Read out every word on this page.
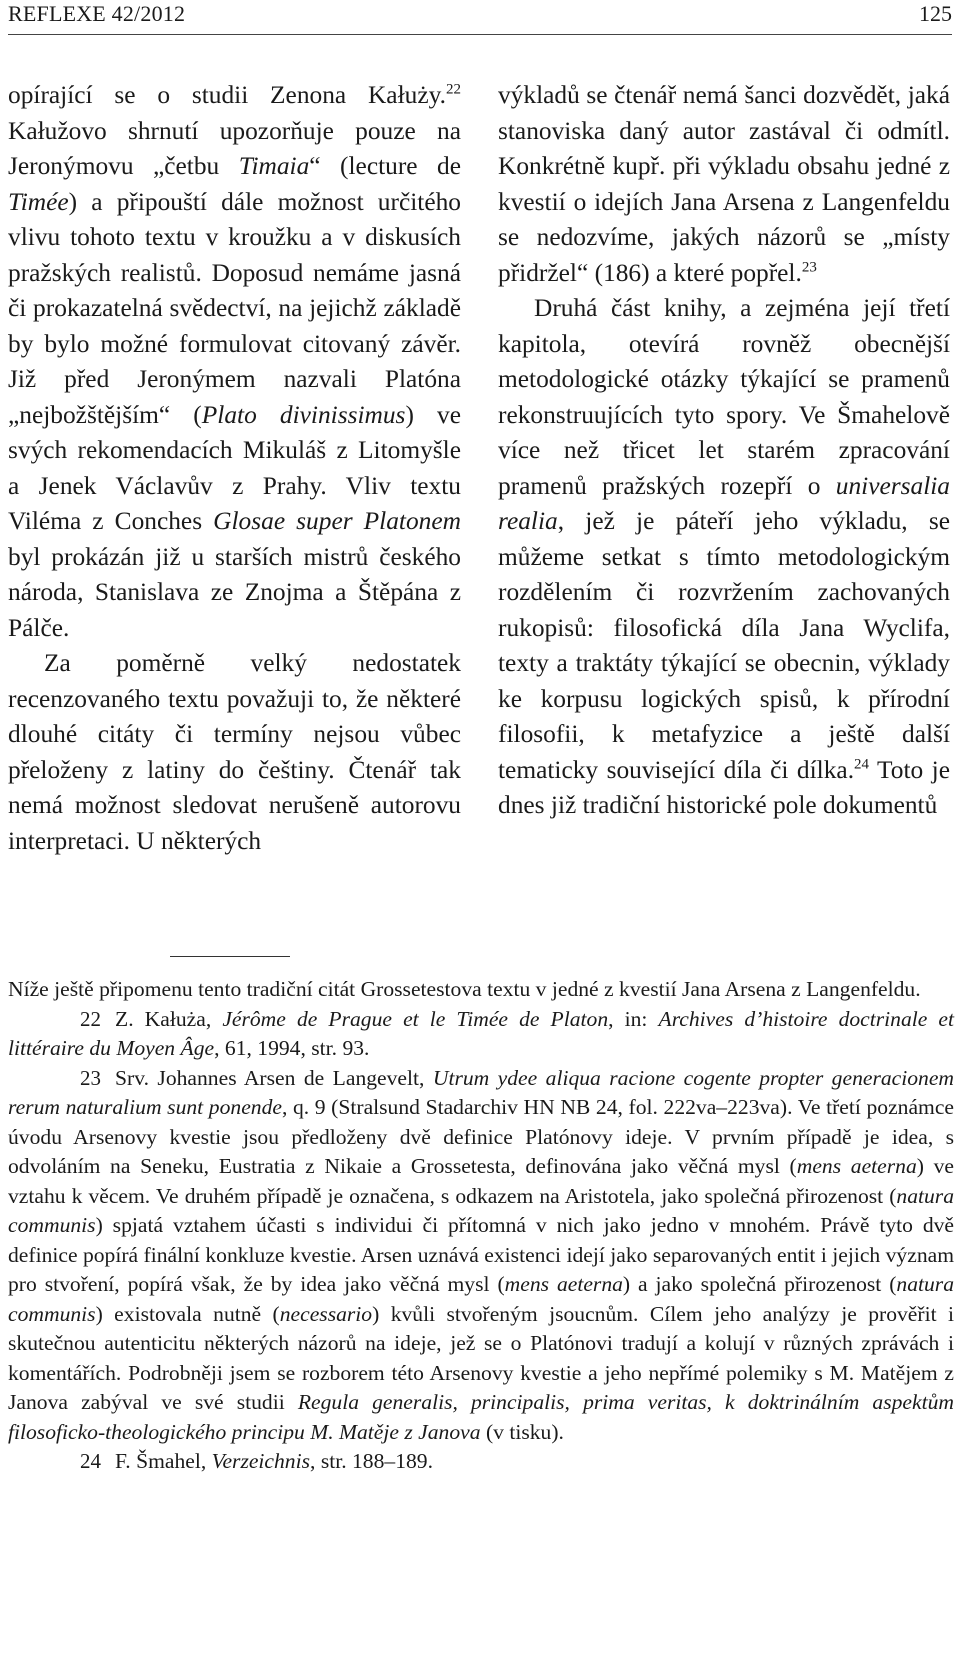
REFLEXE 42/2012	125

opírající se o studii Zenona Kałuży.$^{22}$ Kałužovo shrnutí upozorňuje pouze na Jeronýmovu „četbu Timaia“ (lecture de Timée) a připouští dále možnost určitého vlivu tohoto textu v kroužku a v diskusích pražských realistů. Doposud nemáme jasná či prokazatelná svědectví, na jejichž základě by bylo možné formulovat citovaný závěr. Již před Jeronýmem nazvali Platóna „nejbožštějším“ (Plato divinissimus) ve svých rekomendacích Mikuláš z Litomyšle a Jenek Václavův z Prahy. Vliv textu Viléma z Conches Glosae super Platonem byl prokázán již u starších mistrů českého národa, Stanislava ze Znojma a Štěpána z Pálče.

Za poměrně velký nedostatek recenzovaného textu považuji to, že některé dlouhé citáty či termíny nejsou vůbec přeloženy z latiny do češtiny. Čtenář tak nemá možnost sledovat nerušeně autorovu interpretaci. U některých

výkladů se čtenář nemá šanci dozvědět, jaká stanoviska daný autor zastával či odmítl. Konkrétně kupř. při výkladu obsahu jedné z kvestií o idejích Jana Arsena z Langenfeldu se nedozvíme, jakých názorů se „místy přidržel“ (186) a které popřel.$^{23}$

Druhá část knihy, a zejména její třetí kapitola, otevírá rovněž obecnější metodologické otázky týkající se pramenů rekonstruujících tyto spory. Ve Šmahelově více než třicet let starém zpracování pramenů pražských rozepří o universalia realia, jež je páteří jeho výkladu, se můžeme setkat s tímto metodologickým rozdělením či rozvržením zachovaných rukopisů: filosofická díla Jana Wyclifa, texty a traktáty týkající se obecnin, výklady ke korpusu logických spisů, k přírodní filosofii, k metafyzice a ještě další tematicky související díla či dílka.$^{24}$ Toto je dnes již tradiční historické pole dokumentů

Níže ještě připomenu tento tradiční citát Grossetestova textu v jedné z kvestií Jana Arsena z Langenfeldu.

22 Z. Kałuża, Jérôme de Prague et le Timée de Platon, in: Archives d’histoire doctrinale et littéraire du Moyen Âge, 61, 1994, str. 93.

23 Srv. Johannes Arsen de Langevelt, Utrum ydee aliqua racione cogente propter generacionem rerum naturalium sunt ponende, q. 9 (Stralsund Stadarchiv HN NB 24, fol. 222va–223va). Ve třetí poznámce úvodu Arsenovy kvestie jsou předloženy dvě definice Platónovy ideje. V prvním případě je idea, s odvoláním na Seneku, Eustratia z Nikaie a Grossetesta, definována jako věčná mysl (mens aeterna) ve vztahu k věcem. Ve druhém případě je označena, s odkazem na Aristotela, jako společná přirozenost (natura communis) spjatá vztahem účasti s individui či přítomná v nich jako jedno v mnohém. Právě tyto dvě definice popírá finální konkluze kvestie. Arsen uznává existenci idejí jako separovaných entit i jejich význam pro stvoření, popírá však, že by idea jako věčná mysl (mens aeterna) a jako společná přirozenost (natura communis) existovala nutně (necessario) kvůli stvořeným jsoucnům. Cílem jeho analýzy je prověřit i skutečnou autenticitu některých názorů na ideje, jež se o Platónovi tradují a kolují v různých zprávách i komentářích. Podrobněji jsem se rozborem této Arsenovy kvestie a jeho nepřímé polemiky s M. Matějem z Janova zabýval ve své studii Regula generalis, principalis, prima veritas, k doktrinálním aspektům filosoficko-theologického principu M. Matěje z Janova (v tisku).

24 F. Šmahel, Verzeichnis, str. 188–189.
